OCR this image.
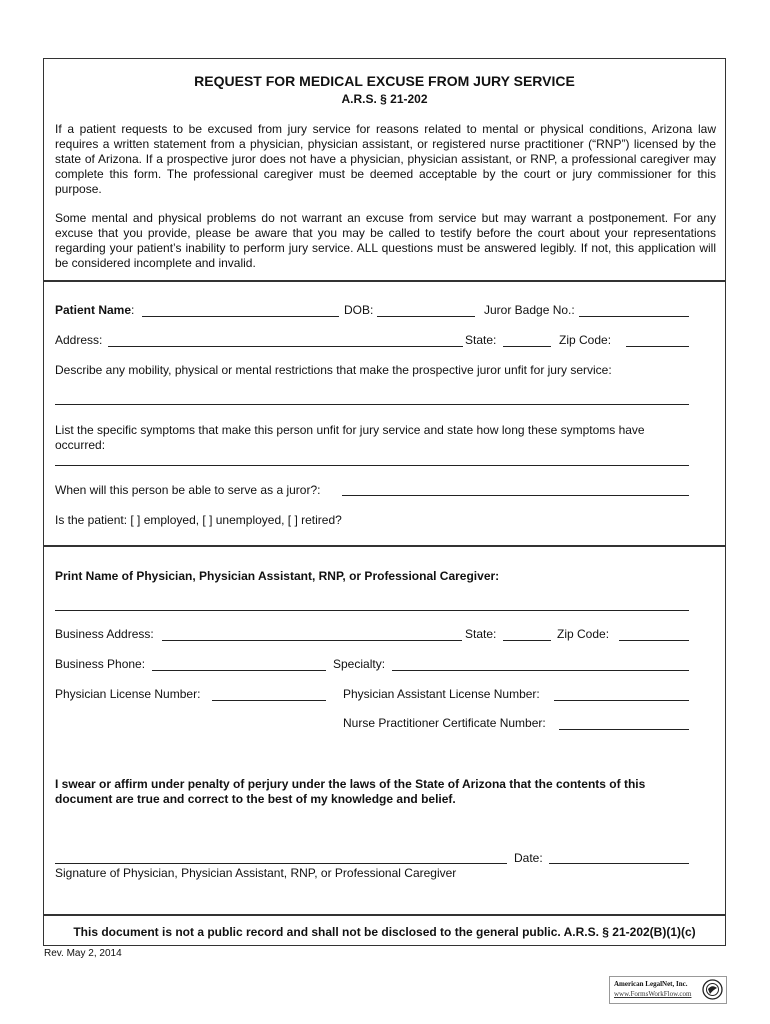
REQUEST FOR MEDICAL EXCUSE FROM JURY SERVICE
A.R.S. § 21-202
If a patient requests to be excused from jury service for reasons related to mental or physical conditions, Arizona law requires a written statement from a physician, physician assistant, or registered nurse practitioner (“RNP”) licensed by the state of Arizona. If a prospective juror does not have a physician, physician assistant, or RNP, a professional caregiver may complete this form. The professional caregiver must be deemed acceptable by the court or jury commissioner for this purpose.
Some mental and physical problems do not warrant an excuse from service but may warrant a postponement. For any excuse that you provide, please be aware that you may be called to testify before the court about your representations regarding your patient’s inability to perform jury service. ALL questions must be answered legibly. If not, this application will be considered incomplete and invalid.
Patient Name:	DOB:	Juror Badge No.:
Address:	State:	Zip Code:
Describe any mobility, physical or mental restrictions that make the prospective juror unfit for jury service:
List the specific symptoms that make this person unfit for jury service and state how long these symptoms have occurred:
When will this person be able to serve as a juror?:
Is the patient: [ ] employed, [ ] unemployed, [ ] retired?
Print Name of Physician, Physician Assistant, RNP, or Professional Caregiver:
Business Address:	State:	Zip Code:
Business Phone:	Specialty:
Physician License Number:	Physician Assistant License Number:
Nurse Practitioner Certificate Number:
I swear or affirm under penalty of perjury under the laws of the State of Arizona that the contents of this document are true and correct to the best of my knowledge and belief.
Date:
Signature of Physician, Physician Assistant, RNP, or Professional Caregiver
This document is not a public record and shall not be disclosed to the general public. A.R.S. § 21-202(B)(1)(c)
Rev. May 2, 2014
American LegalNet, Inc.
www.FormsWorkFlow.com
